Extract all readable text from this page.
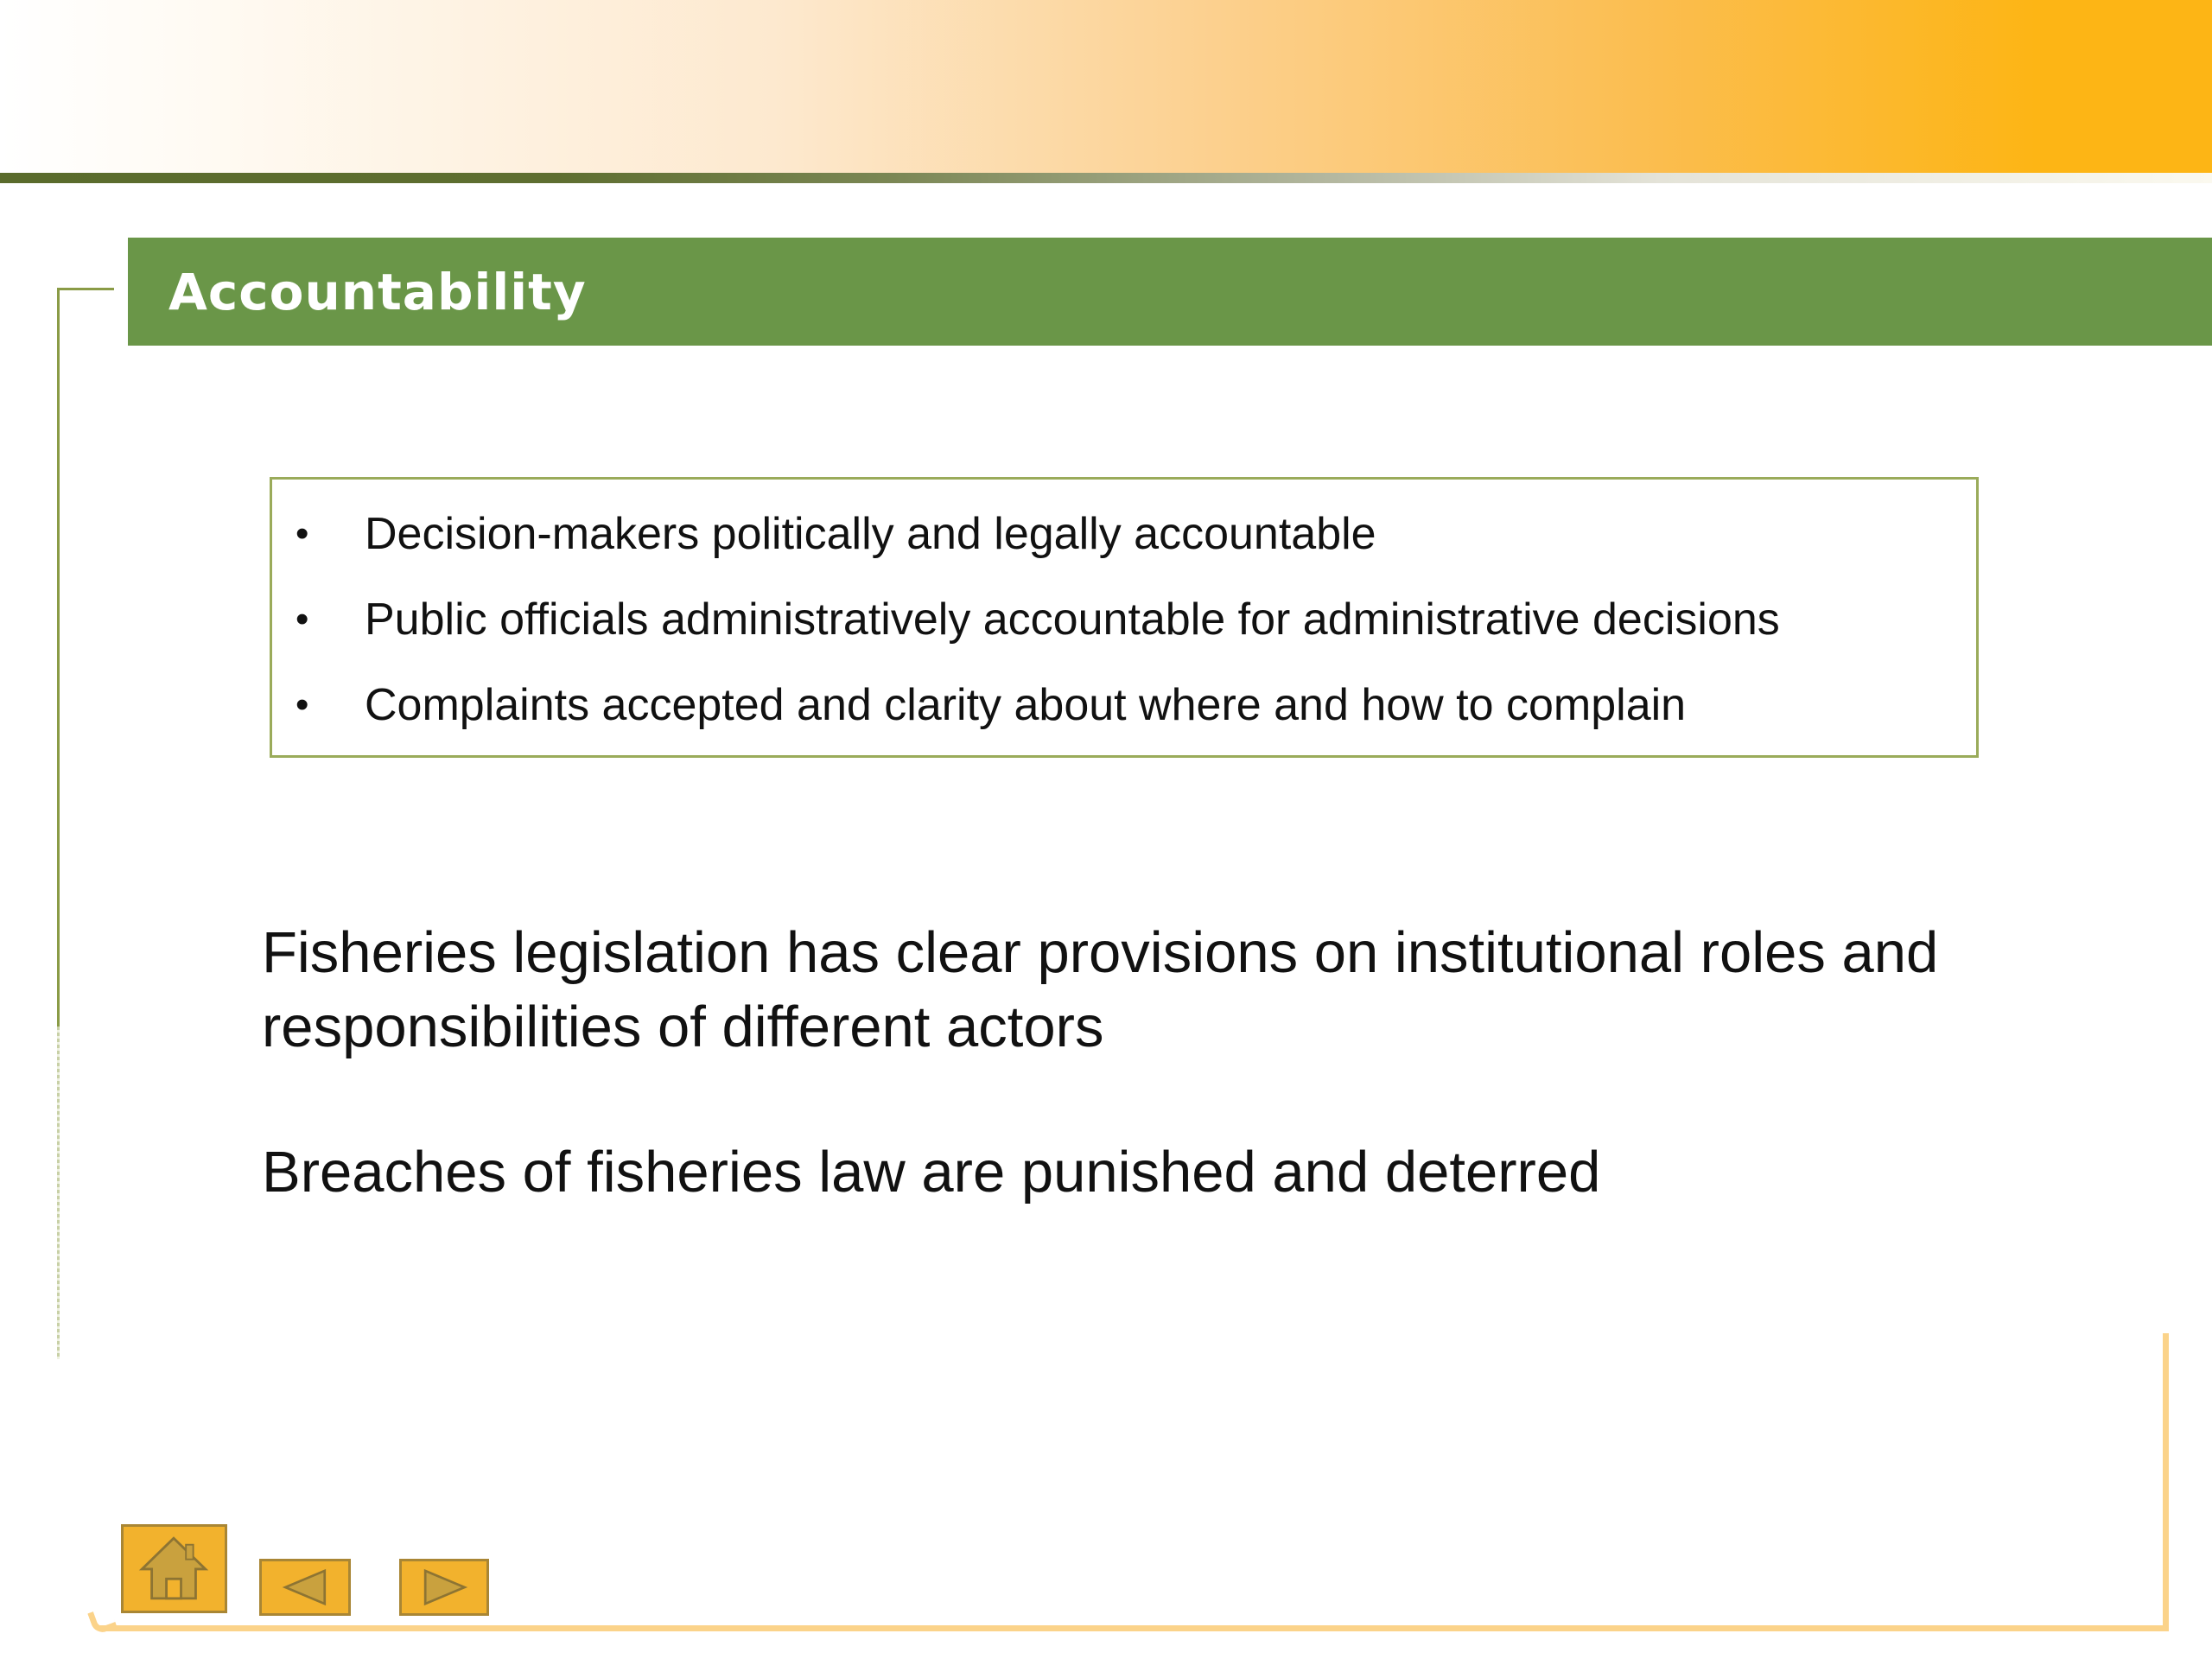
Accountability
• Decision-makers politically and legally accountable
• Public officials administratively accountable for administrative decisions
• Complaints accepted and clarity about where and how to complain
Fisheries legislation has clear provisions on institutional roles and responsibilities of different actors
Breaches of fisheries law are punished and deterred
